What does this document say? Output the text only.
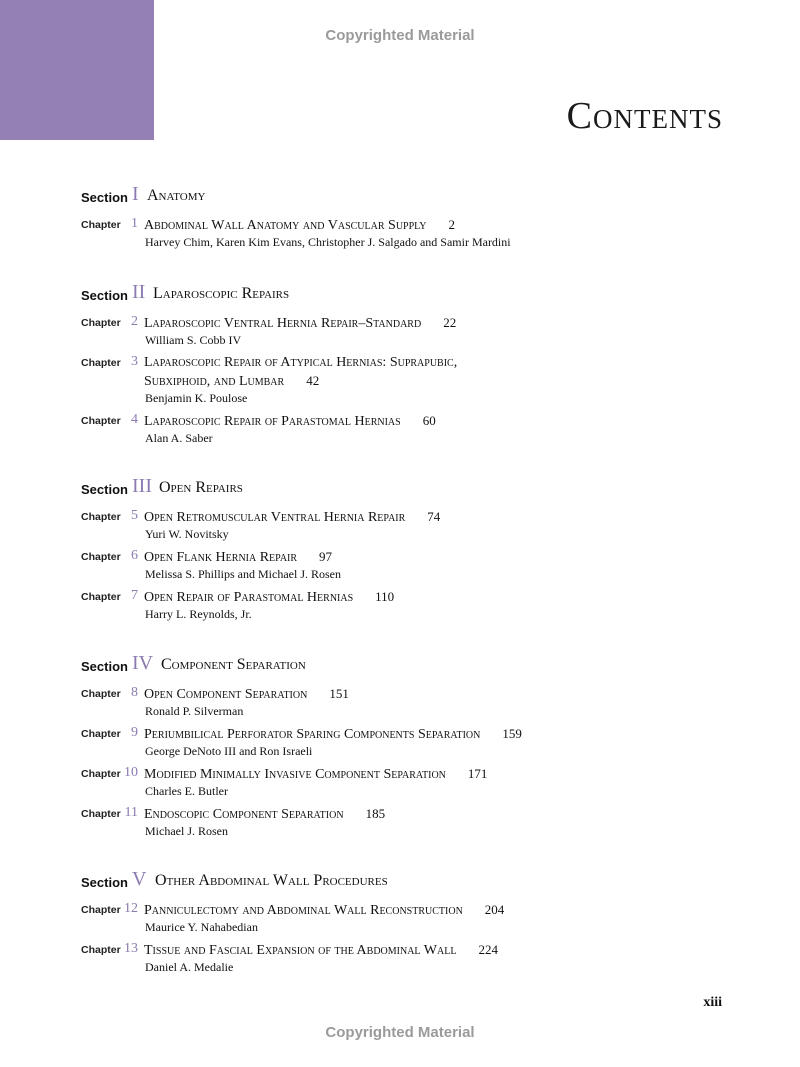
Copyrighted Material
Contents
Section I Anatomy
Chapter 1 Abdominal Wall Anatomy and Vascular Supply 2
Harvey Chim, Karen Kim Evans, Christopher J. Salgado and Samir Mardini
Section II Laparoscopic Repairs
Chapter 2 Laparoscopic Ventral Hernia Repair–Standard 22
William S. Cobb IV
Chapter 3 Laparoscopic Repair of Atypical Hernias: Suprapubic, Subxiphoid, and Lumbar 42
Benjamin K. Poulose
Chapter 4 Laparoscopic Repair of Parastomal Hernias 60
Alan A. Saber
Section III Open Repairs
Chapter 5 Open Retromuscular Ventral Hernia Repair 74
Yuri W. Novitsky
Chapter 6 Open Flank Hernia Repair 97
Melissa S. Phillips and Michael J. Rosen
Chapter 7 Open Repair of Parastomal Hernias 110
Harry L. Reynolds, Jr.
Section IV Component Separation
Chapter 8 Open Component Separation 151
Ronald P. Silverman
Chapter 9 Periumbilical Perforator Sparing Components Separation 159
George DeNoto III and Ron Israeli
Chapter 10 Modified Minimally Invasive Component Separation 171
Charles E. Butler
Chapter 11 Endoscopic Component Separation 185
Michael J. Rosen
Section V Other Abdominal Wall Procedures
Chapter 12 Panniculectomy and Abdominal Wall Reconstruction 204
Maurice Y. Nahabedian
Chapter 13 Tissue and Fascial Expansion of the Abdominal Wall 224
Daniel A. Medalie
xiii
Copyrighted Material
